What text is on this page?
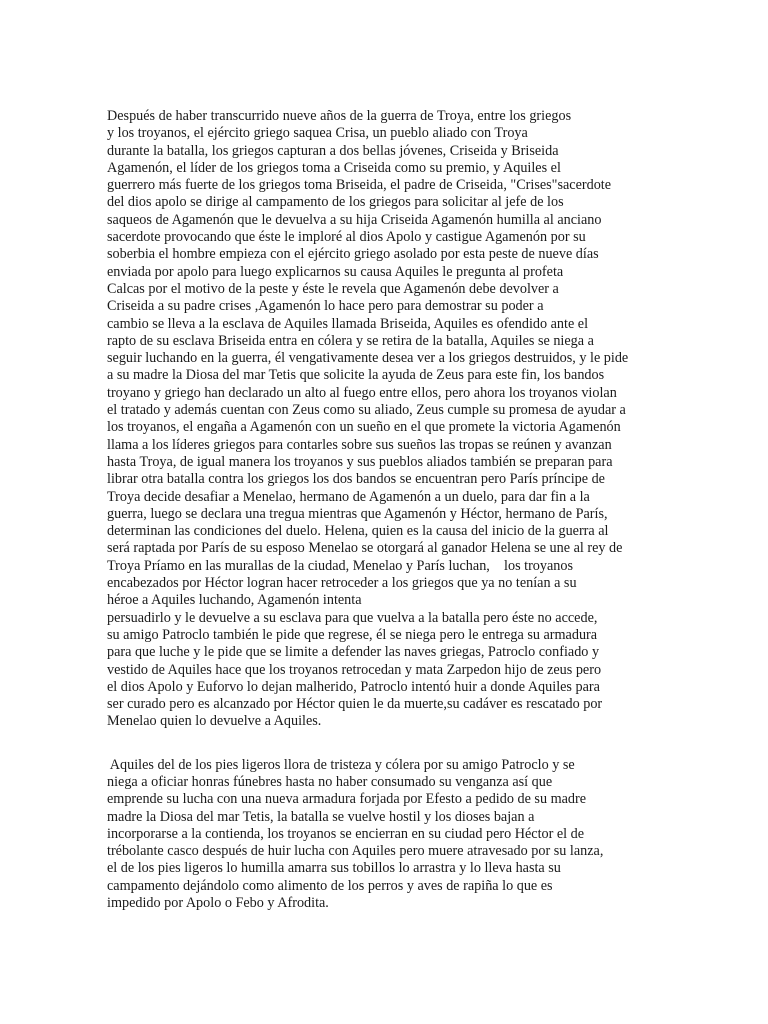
Después de haber transcurrido nueve años de la guerra de Troya, entre los griegos
y los troyanos, el ejército griego saquea Crisa, un pueblo aliado con Troya
durante la batalla, los griegos capturan a dos bellas jóvenes, Criseida y Briseida
Agamenón, el líder de los griegos toma a Criseida como su premio, y Aquiles el
guerrero más fuerte de los griegos toma Briseida, el padre de Criseida, "Crises"sacerdote
del dios apolo se dirige al campamento de los griegos para solicitar al jefe de los
saqueos de Agamenón que le devuelva a su hija Criseida Agamenón humilla al anciano
sacerdote provocando que éste le imploré al dios Apolo y castigue Agamenón por su
soberbia el hombre empieza con el ejército griego asolado por esta peste de nueve días
enviada por apolo para luego explicarnos su causa Aquiles le pregunta al profeta
Calcas por el motivo de la peste y éste le revela que Agamenón debe devolver a
Criseida a su padre crises ,Agamenón lo hace pero para demostrar su poder a
cambio se lleva a la esclava de Aquiles llamada Briseida, Aquiles es ofendido ante el
rapto de su esclava Briseida entra en cólera y se retira de la batalla, Aquiles se niega a
seguir luchando en la guerra, él vengativamente desea ver a los griegos destruidos, y le pide
a su madre la Diosa del mar Tetis que solicite la ayuda de Zeus para este fin, los bandos
troyano y griego han declarado un alto al fuego entre ellos, pero ahora los troyanos violan
el tratado y además cuentan con Zeus como su aliado, Zeus cumple su promesa de ayudar a
los troyanos, el engaña a Agamenón con un sueño en el que promete la victoria Agamenón
llama a los líderes griegos para contarles sobre sus sueños las tropas se reúnen y avanzan
hasta Troya, de igual manera los troyanos y sus pueblos aliados también se preparan para
librar otra batalla contra los griegos los dos bandos se encuentran pero París príncipe de
Troya decide desafiar a Menelao, hermano de Agamenón a un duelo, para dar fin a la
guerra, luego se declara una tregua mientras que Agamenón y Héctor, hermano de París,
determinan las condiciones del duelo. Helena, quien es la causa del inicio de la guerra al
será raptada por París de su esposo Menelao se otorgará al ganador Helena se une al rey de
Troya Príamo en las murallas de la ciudad, Menelao y París luchan,    los troyanos
encabezados por Héctor logran hacer retroceder a los griegos que ya no tenían a su
héroe a Aquiles luchando, Agamenón intenta
persuadirlo y le devuelve a su esclava para que vuelva a la batalla pero éste no accede,
su amigo Patroclo también le pide que regrese, él se niega pero le entrega su armadura
para que luche y le pide que se limite a defender las naves griegas, Patroclo confiado y
vestido de Aquiles hace que los troyanos retrocedan y mata Zarpedon hijo de zeus pero
el dios Apolo y Euforvo lo dejan malherido, Patroclo intentó huir a donde Aquiles para
ser curado pero es alcanzado por Héctor quien le da muerte,su cadáver es rescatado por
Menelao quien lo devuelve a Aquiles.
Aquiles del de los pies ligeros llora de tristeza y cólera por su amigo Patroclo y se
niega a oficiar honras fúnebres hasta no haber consumado su venganza así que
emprende su lucha con una nueva armadura forjada por Efesto a pedido de su madre
madre la Diosa del mar Tetis, la batalla se vuelve hostil y los dioses bajan a
incorporarse a la contienda, los troyanos se encierran en su ciudad pero Héctor el de
trébolante casco después de huir lucha con Aquiles pero muere atravesado por su lanza,
el de los pies ligeros lo humilla amarra sus tobillos lo arrastra y lo lleva hasta su
campamento dejándolo como alimento de los perros y aves de rapiña lo que es
impedido por Apolo o Febo y Afrodita.
